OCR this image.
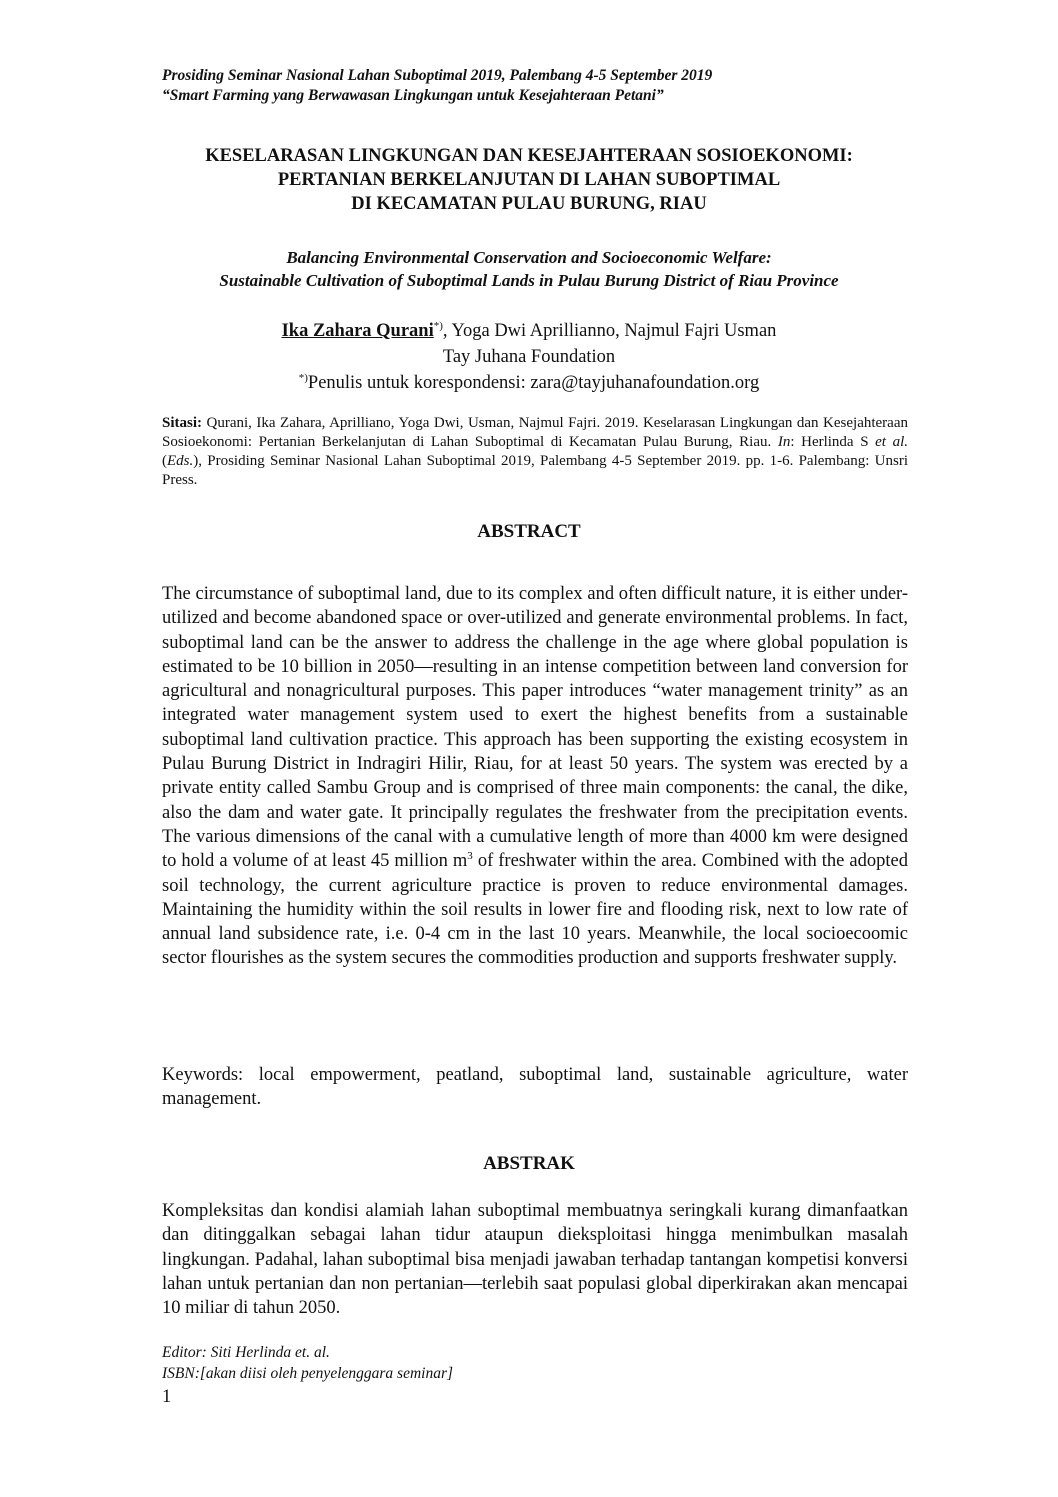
Prosiding Seminar Nasional Lahan Suboptimal 2019, Palembang 4-5 September 2019
“Smart Farming yang Berwawasan Lingkungan untuk Kesejahteraan Petani”
KESELARASAN LINGKUNGAN DAN KESEJAHTERAAN SOSIOEKONOMI:
PERTANIAN BERKELANJUTAN DI LAHAN SUBOPTIMAL
DI KECAMATAN PULAU BURUNG, RIAU
Balancing Environmental Conservation and Socioeconomic Welfare:
Sustainable Cultivation of Suboptimal Lands in Pulau Burung District of Riau Province
Ika Zahara Qurani*), Yoga Dwi Aprillianno, Najmul Fajri Usman
Tay Juhana Foundation
*)Penulis untuk korespondensi: zara@tayjuhanafoundation.org

Sitasi: Qurani, Ika Zahara, Aprilliano, Yoga Dwi, Usman, Najmul Fajri. 2019. Keselarasan Lingkungan dan Kesejahteraan Sosioekonomi: Pertanian Berkelanjutan di Lahan Suboptimal di Kecamatan Pulau Burung, Riau. In: Herlinda S et al. (Eds.), Prosiding Seminar Nasional Lahan Suboptimal 2019, Palembang 4-5 September 2019. pp. 1-6. Palembang: Unsri Press.

ABSTRACT

The circumstance of suboptimal land, due to its complex and often difficult nature, it is either under-utilized and become abandoned space or over-utilized and generate environmental problems. In fact, suboptimal land can be the answer to address the challenge in the age where global population is estimated to be 10 billion in 2050—resulting in an intense competition between land conversion for agricultural and nonagricultural purposes. This paper introduces “water management trinity” as an integrated water management system used to exert the highest benefits from a sustainable suboptimal land cultivation practice. This approach has been supporting the existing ecosystem in Pulau Burung District in Indragiri Hilir, Riau, for at least 50 years. The system was erected by a private entity called Sambu Group and is comprised of three main components: the canal, the dike, also the dam and water gate. It principally regulates the freshwater from the precipitation events. The various dimensions of the canal with a cumulative length of more than 4000 km were designed to hold a volume of at least 45 million $m^3$ of freshwater within the area. Combined with the adopted soil technology, the current agriculture practice is proven to reduce environmental damages. Maintaining the humidity within the soil results in lower fire and flooding risk, next to low rate of annual land subsidence rate, i.e. 0-4 cm in the last 10 years. Meanwhile, the local socioecoomic sector flourishes as the system secures the commodities production and supports freshwater supply.

Keywords: local empowerment, peatland, suboptimal land, sustainable agriculture, water management.

ABSTRAK

Kompleksitas dan kondisi alamiah lahan suboptimal membuatnya seringkali kurang dimanfaatkan dan ditinggalkan sebagai lahan tidur ataupun dieksploitasi hingga menimbulkan masalah lingkungan. Padahal, lahan suboptimal bisa menjadi jawaban terhadap tantangan kompetisi konversi lahan untuk pertanian dan non pertanian—terlebih saat populasi global diperkirakan akan mencapai 10 miliar di tahun 2050.

Editor: Siti Herlinda et. al.
ISBN:[akan diisi oleh penyelenggara seminar]
1
